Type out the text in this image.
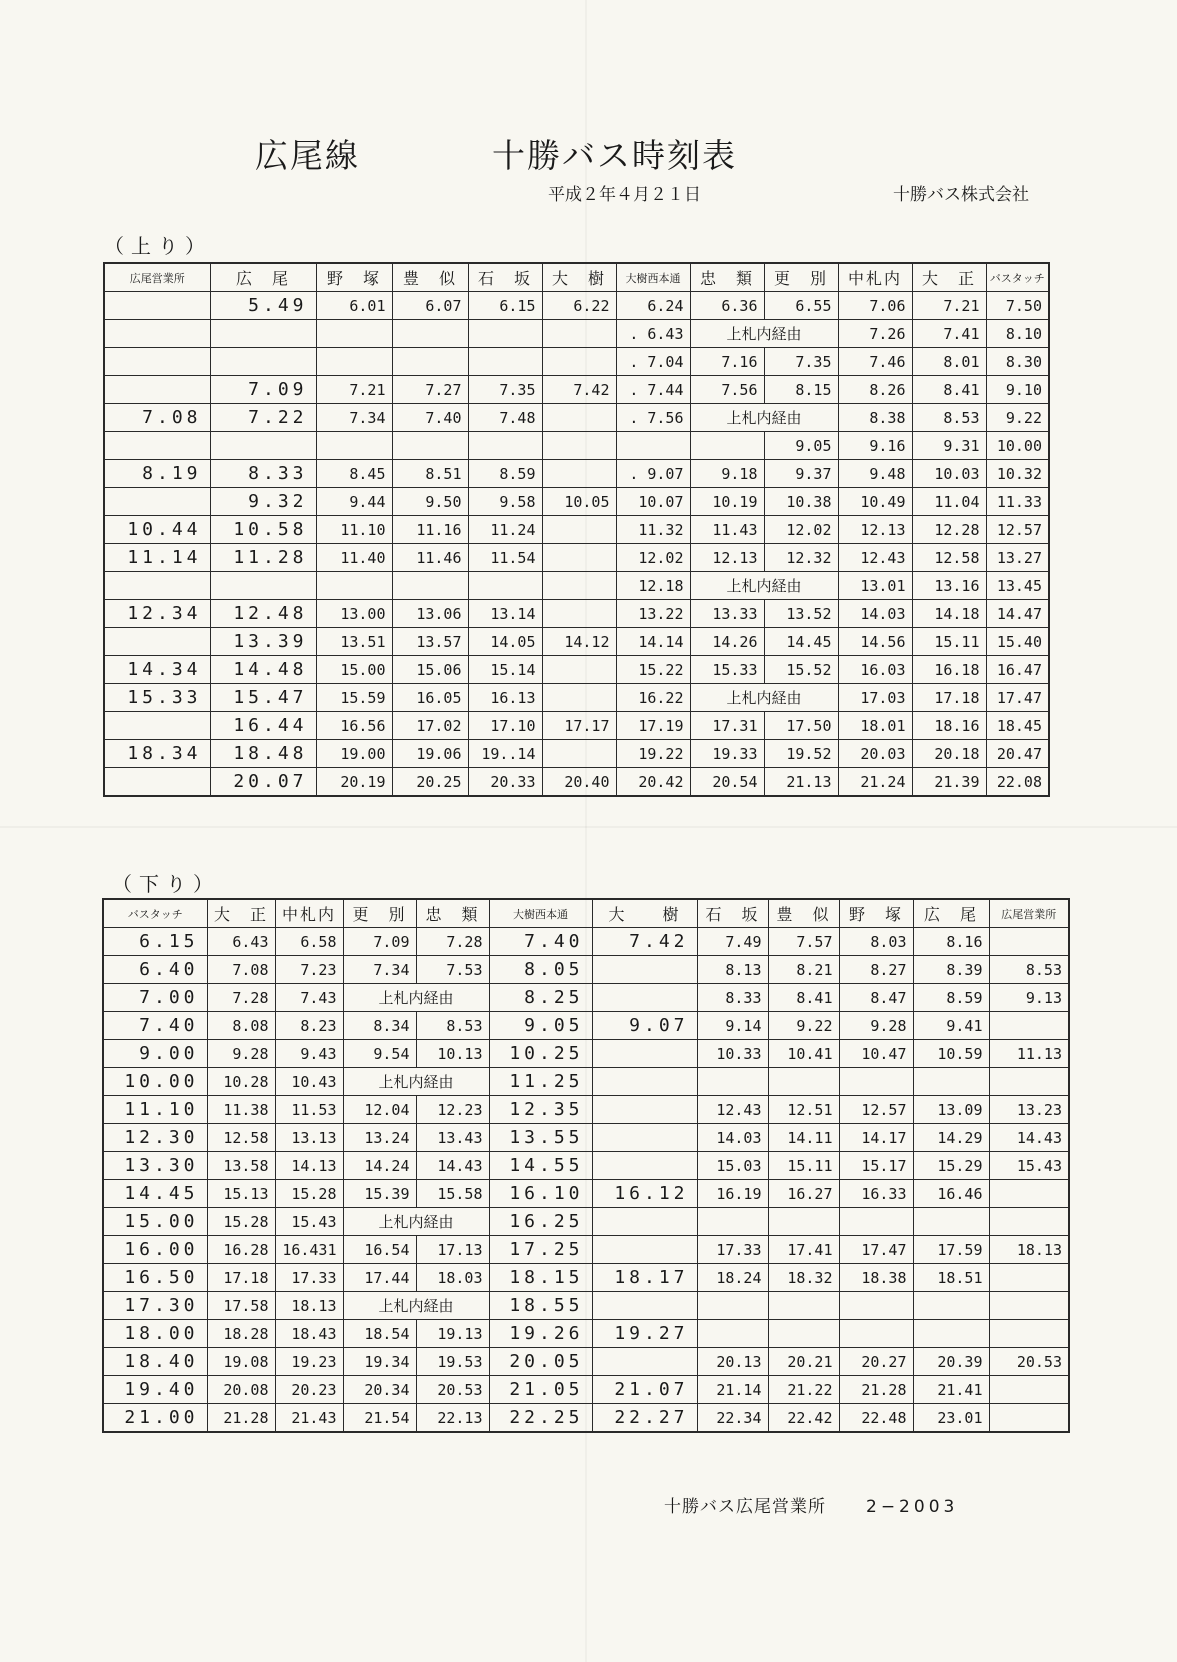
広尾線	十勝バス時刻表
平成２年４月２１日	十勝バス株式会社
（上り）
広尾営業所	広　尾	野　塚	豊　似	石　坂	大　樹	大樹西本通	忠　類	更　別	中札内	大　正	バスタッチ
	5.49	6.01	6.07	6.15	6.22	6.24	6.36	6.55	7.06	7.21	7.50
						. 6.43	上札内経由		7.26	7.41	8.10
						. 7.04	7.16	7.35	7.46	8.01	8.30
	7.09	7.21	7.27	7.35	7.42	. 7.44	7.56	8.15	8.26	8.41	9.10
7.08	7.22	7.34	7.40	7.48		. 7.56	上札内経由		8.38	8.53	9.22
								9.05	9.16	9.31	10.00
8.19	8.33	8.45	8.51	8.59		. 9.07	9.18	9.37	9.48	10.03	10.32
	9.32	9.44	9.50	9.58	10.05	10.07	10.19	10.38	10.49	11.04	11.33
10.44	10.58	11.10	11.16	11.24		11.32	11.43	12.02	12.13	12.28	12.57
11.14	11.28	11.40	11.46	11.54		12.02	12.13	12.32	12.43	12.58	13.27
						12.18	上札内経由		13.01	13.16	13.45
12.34	12.48	13.00	13.06	13.14		13.22	13.33	13.52	14.03	14.18	14.47
	13.39	13.51	13.57	14.05	14.12	14.14	14.26	14.45	14.56	15.11	15.40
14.34	14.48	15.00	15.06	15.14		15.22	15.33	15.52	16.03	16.18	16.47
15.33	15.47	15.59	16.05	16.13		16.22	上札内経由		17.03	17.18	17.47
	16.44	16.56	17.02	17.10	17.17	17.19	17.31	17.50	18.01	18.16	18.45
18.34	18.48	19.00	19.06	19..14		19.22	19.33	19.52	20.03	20.18	20.47
	20.07	20.19	20.25	20.33	20.40	20.42	20.54	21.13	21.24	21.39	22.08
（下り）
バスタッチ	大　正	中札内	更　別	忠　類	大樹西本通	大　　樹	石　坂	豊　似	野　塚	広　尾	広尾営業所
6.15	6.43	6.58	7.09	7.28	7.40	7.42	7.49	7.57	8.03	8.16	
6.40	7.08	7.23	7.34	7.53	8.05		8.13	8.21	8.27	8.39	8.53
7.00	7.28	7.43	上札内経由		8.25		8.33	8.41	8.47	8.59	9.13
7.40	8.08	8.23	8.34	8.53	9.05	9.07	9.14	9.22	9.28	9.41	
9.00	9.28	9.43	9.54	10.13	10.25		10.33	10.41	10.47	10.59	11.13
10.00	10.28	10.43	上札内経由		11.25						
11.10	11.38	11.53	12.04	12.23	12.35		12.43	12.51	12.57	13.09	13.23
12.30	12.58	13.13	13.24	13.43	13.55		14.03	14.11	14.17	14.29	14.43
13.30	13.58	14.13	14.24	14.43	14.55		15.03	15.11	15.17	15.29	15.43
14.45	15.13	15.28	15.39	15.58	16.10	16.12	16.19	16.27	16.33	16.46	
15.00	15.28	15.43	上札内経由		16.25						
16.00	16.28	16.431	16.54	17.13	17.25		17.33	17.41	17.47	17.59	18.13
16.50	17.18	17.33	17.44	18.03	18.15	18.17	18.24	18.32	18.38	18.51	
17.30	17.58	18.13	上札内経由		18.55						
18.00	18.28	18.43	18.54	19.13	19.26	19.27					
18.40	19.08	19.23	19.34	19.53	20.05		20.13	20.21	20.27	20.39	20.53
19.40	20.08	20.23	20.34	20.53	21.05	21.07	21.14	21.22	21.28	21.41	
21.00	21.28	21.43	21.54	22.13	22.25	22.27	22.34	22.42	22.48	23.01	
十勝バス広尾営業所 2−2003
